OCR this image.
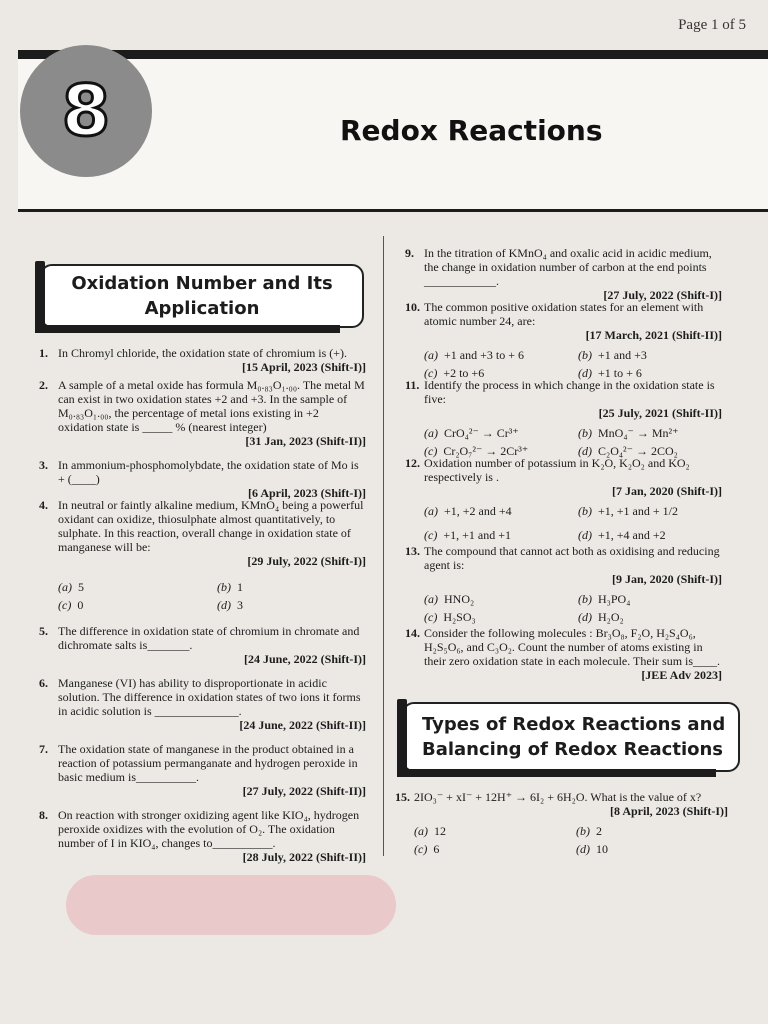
Page 1 of 5
8	Redox Reactions
Oxidation Number and Its
Application
Types of Redox Reactions and
Balancing of Redox Reactions
1. In Chromyl chloride, the oxidation state of chromium is (+).
[15 April, 2023 (Shift-I)]
2. A sample of a metal oxide has formula M₀.₈₃O₁.₀₀. The metal M can exist in two oxidation states +2 and +3. In the sample of M₀.₈₃O₁.₀₀, the percentage of metal ions existing in +2 oxidation state is _____ % (nearest integer)
[31 Jan, 2023 (Shift-II)]
3. In ammonium-phosphomolybdate, the oxidation state of Mo is + (____)
[6 April, 2023 (Shift-I)]
4. In neutral or faintly alkaline medium, KMnO₄ being a powerful oxidant can oxidize, thiosulphate almost quantitatively, to sulphate. In this reaction, overall change in oxidation state of manganese will be:
[29 July, 2022 (Shift-I)]
(a) 5	(b) 1
(c) 0	(d) 3
5. The difference in oxidation state of chromium in chromate and dichromate salts is_______.
[24 June, 2022 (Shift-I)]
6. Manganese (VI) has ability to disproportionate in acidic solution. The difference in oxidation states of two ions it forms in acidic solution is ______________.
[24 June, 2022 (Shift-II)]
7. The oxidation state of manganese in the product obtained in a reaction of potassium permanganate and hydrogen peroxide in basic medium is__________.
[27 July, 2022 (Shift-II)]
8. On reaction with stronger oxidizing agent like KIO₄, hydrogen peroxide oxidizes with the evolution of O₂. The oxidation number of I in KIO₄, changes to__________.
[28 July, 2022 (Shift-II)]
9. In the titration of KMnO₄ and oxalic acid in acidic medium, the change in oxidation number of carbon at the end points ____________.
[27 July, 2022 (Shift-I)]
10. The common positive oxidation states for an element with atomic number 24, are:
[17 March, 2021 (Shift-II)]
(a) +1 and +3 to + 6	(b) +1 and +3
(c) +2 to +6	(d) +1 to + 6
11. Identify the process in which change in the oxidation state is five:
[25 July, 2021 (Shift-II)]
(a) CrO₄²⁻ → Cr³⁺	(b) MnO₄⁻ → Mn²⁺
(c) Cr₂O₇²⁻ → 2Cr³⁺	(d) C₂O₄²⁻ → 2CO₂
12. Oxidation number of potassium in K₂O, K₂O₂ and KO₂ respectively is .
[7 Jan, 2020 (Shift-I)]
(a) +1, +2 and +4	(b) +1, +1 and + 1/2
(c) +1, +1 and +1	(d) +1, +4 and +2
13. The compound that cannot act both as oxidising and reducing agent is:
[9 Jan, 2020 (Shift-I)]
(a) HNO₂	(b) H₃PO₄
(c) H₂SO₃	(d) H₂O₂
14. Consider the following molecules : Br₃O₈, F₂O, H₂S₄O₆, H₂S₅O₆, and C₃O₂. Count the number of atoms existing in their zero oxidation state in each molecule. Their sum is____.
[JEE Adv 2023]
15. 2IO₃⁻ + xI⁻ + 12H⁺ → 6I₂ + 6H₂O. What is the value of x?
[8 April, 2023 (Shift-I)]
(a) 12	(b) 2
(c) 6	(d) 10
